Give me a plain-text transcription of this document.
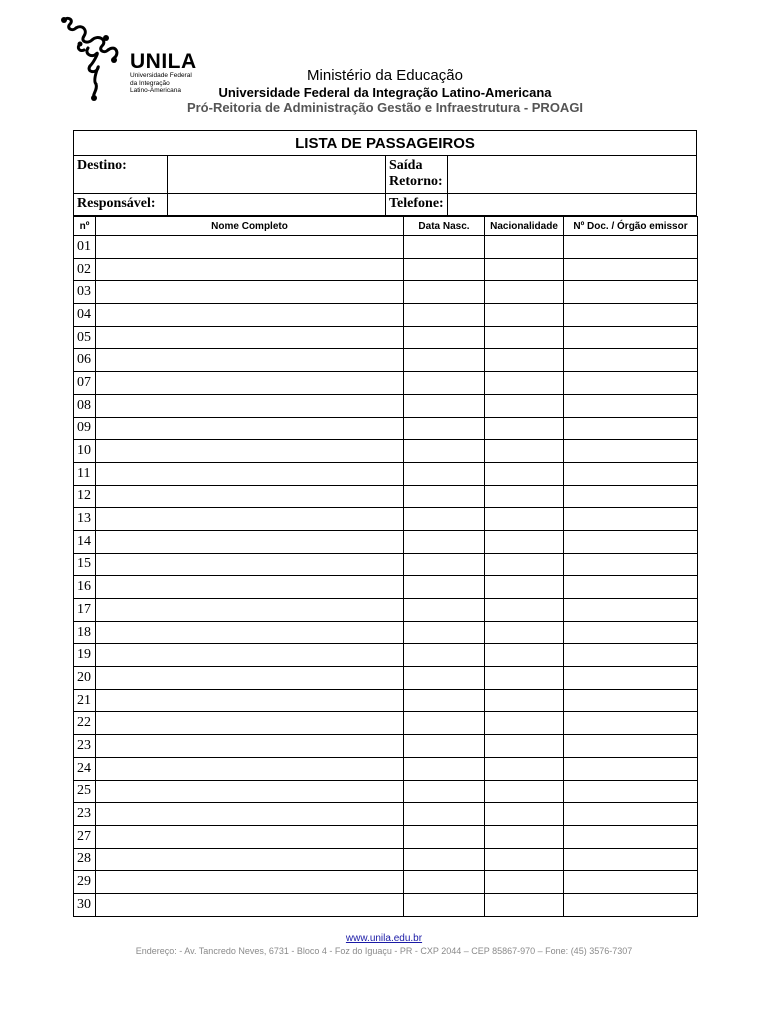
UNILA
Universidade Federal
da Integração
Latino-Americana
Ministério da Educação
Universidade Federal da Integração Latino-Americana
Pró-Reitoria de Administração Gestão e Infraestrutura - PROAGI
LISTA DE PASSAGEIROS			
Destino:		Saída
Retorno:	

Responsável:		Telefone:	
nº	Nome Completo	Data Nasc.	Nacionalidade	Nº Doc. / Órgão emissor
01				
02				
03				
04				
05				
06				
07				
08				
09				
10				
11				
12				
13				
14				
15				
16				
17				
18				
19				
20				
21				
22				
23				
24				
25				
23				
27				
28				
29				
30				
www.unila.edu.br
Endereço: - Av. Tancredo Neves, 6731 - Bloco 4 - Foz do Iguaçu - PR - CXP 2044 – CEP 85867-970 – Fone: (45) 3576-7307
